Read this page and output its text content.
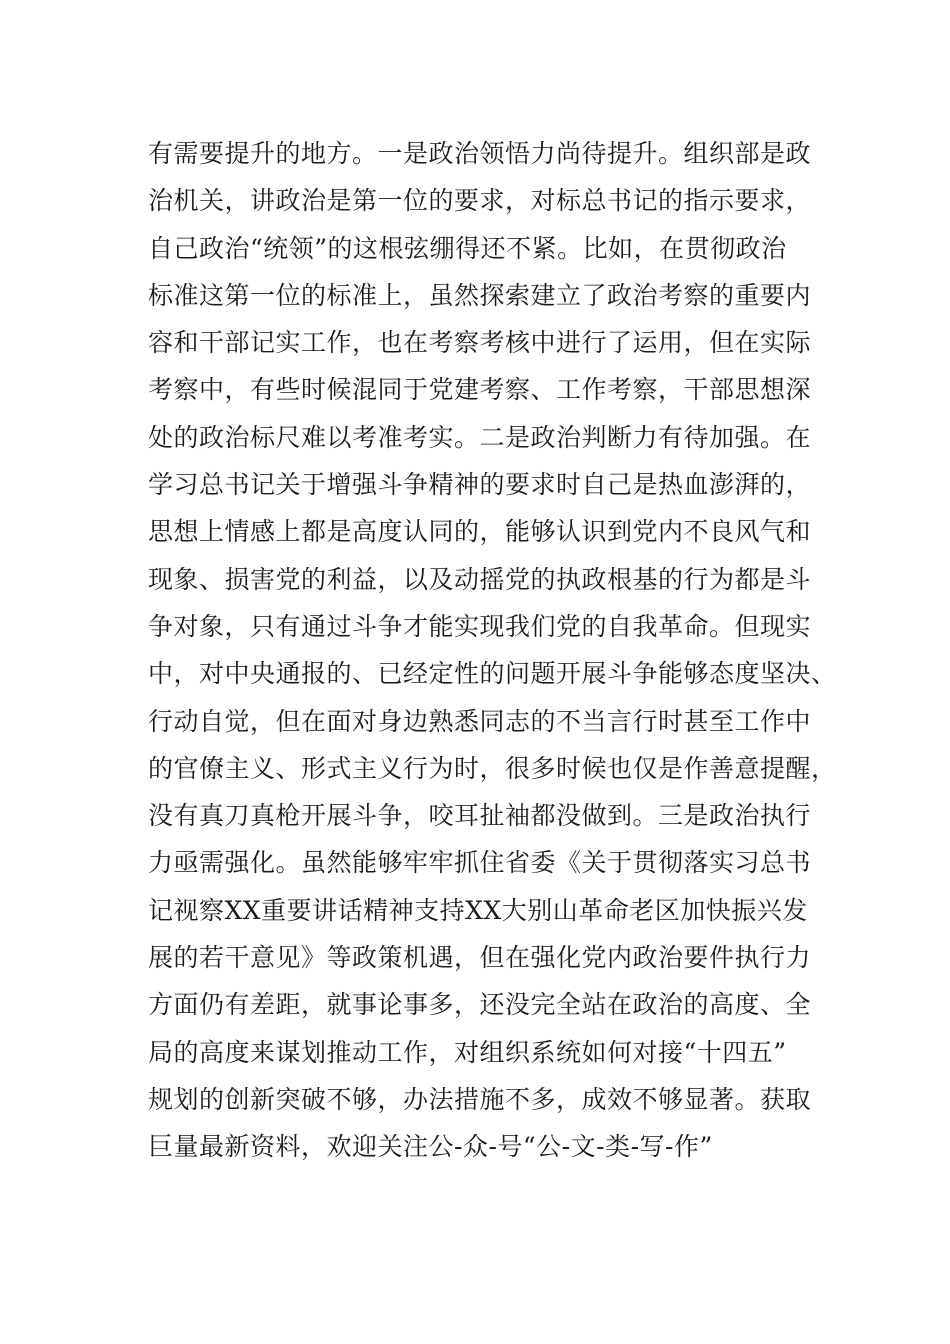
有需要提升的地方。一是政治领悟力尚待提升。组织部是政
治机关，讲政治是第一位的要求，对标总书记的指示要求，
自己政治“统领”的这根弦绷得还不紧。比如，在贯彻政治
标准这第一位的标准上，虽然探索建立了政治考察的重要内
容和干部记实工作，也在考察考核中进行了运用，但在实际
考察中，有些时候混同于党建考察、工作考察，干部思想深
处的政治标尺难以考准考实。二是政治判断力有待加强。在
学习总书记关于增强斗争精神的要求时自己是热血澎湃的，
思想上情感上都是高度认同的，能够认识到党内不良风气和
现象、损害党的利益，以及动摇党的执政根基的行为都是斗
争对象，只有通过斗争才能实现我们党的自我革命。但现实
中，对中央通报的、已经定性的问题开展斗争能够态度坚决、
行动自觉，但在面对身边熟悉同志的不当言行时甚至工作中
的官僚主义、形式主义行为时，很多时候也仅是作善意提醒，
没有真刀真枪开展斗争，咬耳扯袖都没做到。三是政治执行
力亟需强化。虽然能够牢牢抓住省委《关于贯彻落实习总书
记视察XX重要讲话精神支持XX大别山革命老区加快振兴发
展的若干意见》等政策机遇，但在强化党内政治要件执行力
方面仍有差距，就事论事多，还没完全站在政治的高度、全
局的高度来谋划推动工作，对组织系统如何对接“十四五”
规划的创新突破不够，办法措施不多，成效不够显著。获取
巨量最新资料，欢迎关注公-众-号“公-文-类-写-作”
